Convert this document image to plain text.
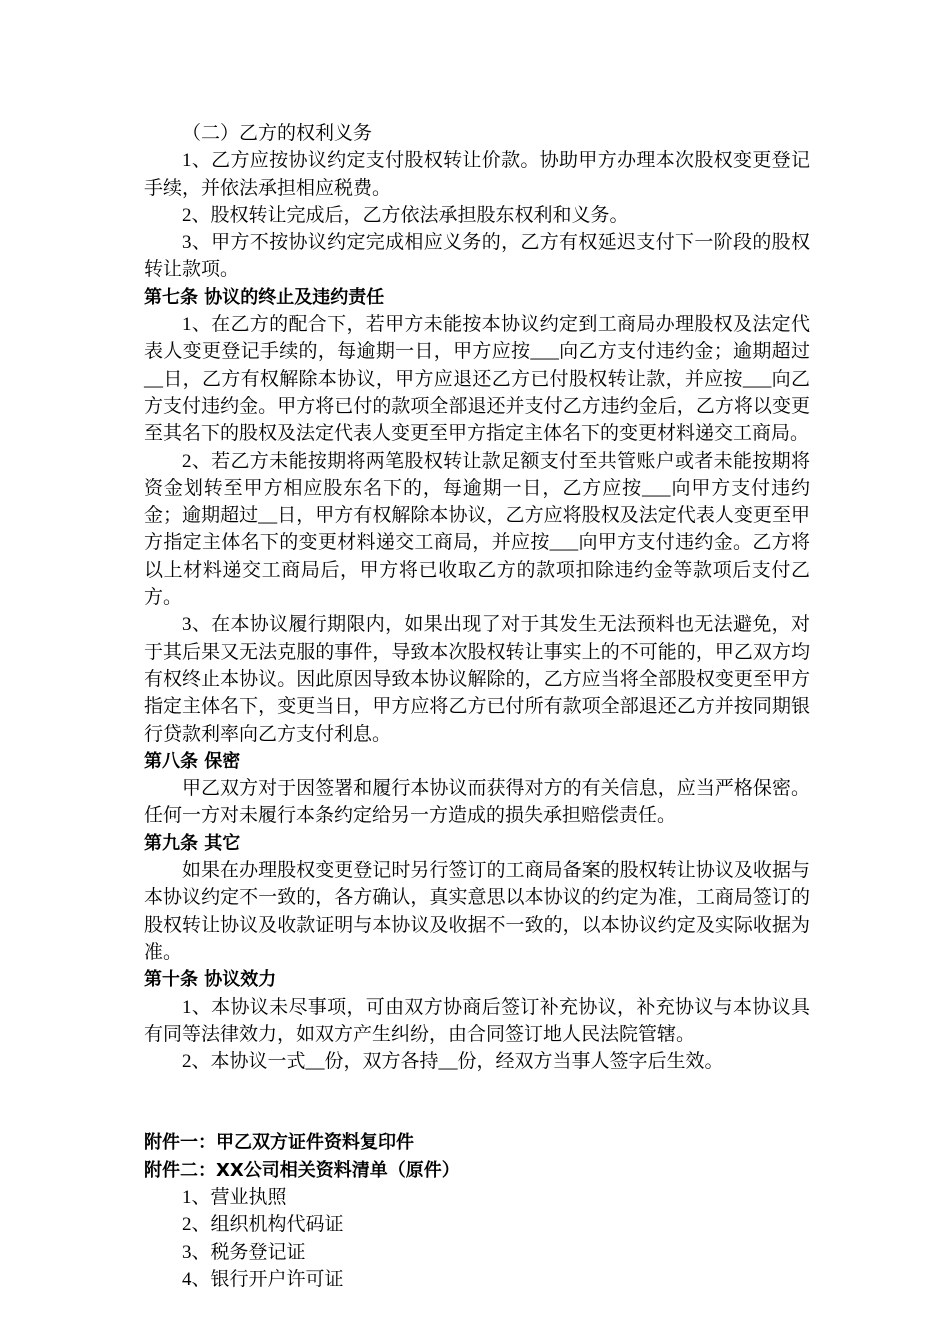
（二）乙方的权利义务

1、乙方应按协议约定支付股权转让价款。协助甲方办理本次股权变更登记手续，并依法承担相应税费。

2、股权转让完成后，乙方依法承担股东权利和义务。

3、甲方不按协议约定完成相应义务的，乙方有权延迟支付下一阶段的股权转让款项。

第七条 协议的终止及违约责任

1、在乙方的配合下，若甲方未能按本协议约定到工商局办理股权及法定代表人变更登记手续的，每逾期一日，甲方应按___向乙方支付违约金；逾期超过__日，乙方有权解除本协议，甲方应退还乙方已付股权转让款，并应按___向乙方支付违约金。甲方将已付的款项全部退还并支付乙方违约金后，乙方将以变更至其名下的股权及法定代表人变更至甲方指定主体名下的变更材料递交工商局。

2、若乙方未能按期将两笔股权转让款足额支付至共管账户或者未能按期将资金划转至甲方相应股东名下的，每逾期一日，乙方应按___向甲方支付违约金；逾期超过__日，甲方有权解除本协议，乙方应将股权及法定代表人变更至甲方指定主体名下的变更材料递交工商局，并应按___向甲方支付违约金。乙方将以上材料递交工商局后，甲方将已收取乙方的款项扣除违约金等款项后支付乙方。

3、在本协议履行期限内，如果出现了对于其发生无法预料也无法避免，对于其后果又无法克服的事件，导致本次股权转让事实上的不可能的，甲乙双方均有权终止本协议。因此原因导致本协议解除的，乙方应当将全部股权变更至甲方指定主体名下，变更当日，甲方应将乙方已付所有款项全部退还乙方并按同期银行贷款利率向乙方支付利息。

第八条 保密

甲乙双方对于因签署和履行本协议而获得对方的有关信息，应当严格保密。任何一方对未履行本条约定给另一方造成的损失承担赔偿责任。

第九条 其它

如果在办理股权变更登记时另行签订的工商局备案的股权转让协议及收据与本协议约定不一致的，各方确认，真实意思以本协议的约定为准，工商局签订的股权转让协议及收款证明与本协议及收据不一致的，以本协议约定及实际收据为准。

第十条 协议效力

1、本协议未尽事项，可由双方协商后签订补充协议，补充协议与本协议具有同等法律效力，如双方产生纠纷，由合同签订地人民法院管辖。

2、本协议一式__份，双方各持__份，经双方当事人签字后生效。

附件一：甲乙双方证件资料复印件

附件二：XX公司相关资料清单（原件）

1、营业执照

2、组织机构代码证

3、税务登记证

4、银行开户许可证
